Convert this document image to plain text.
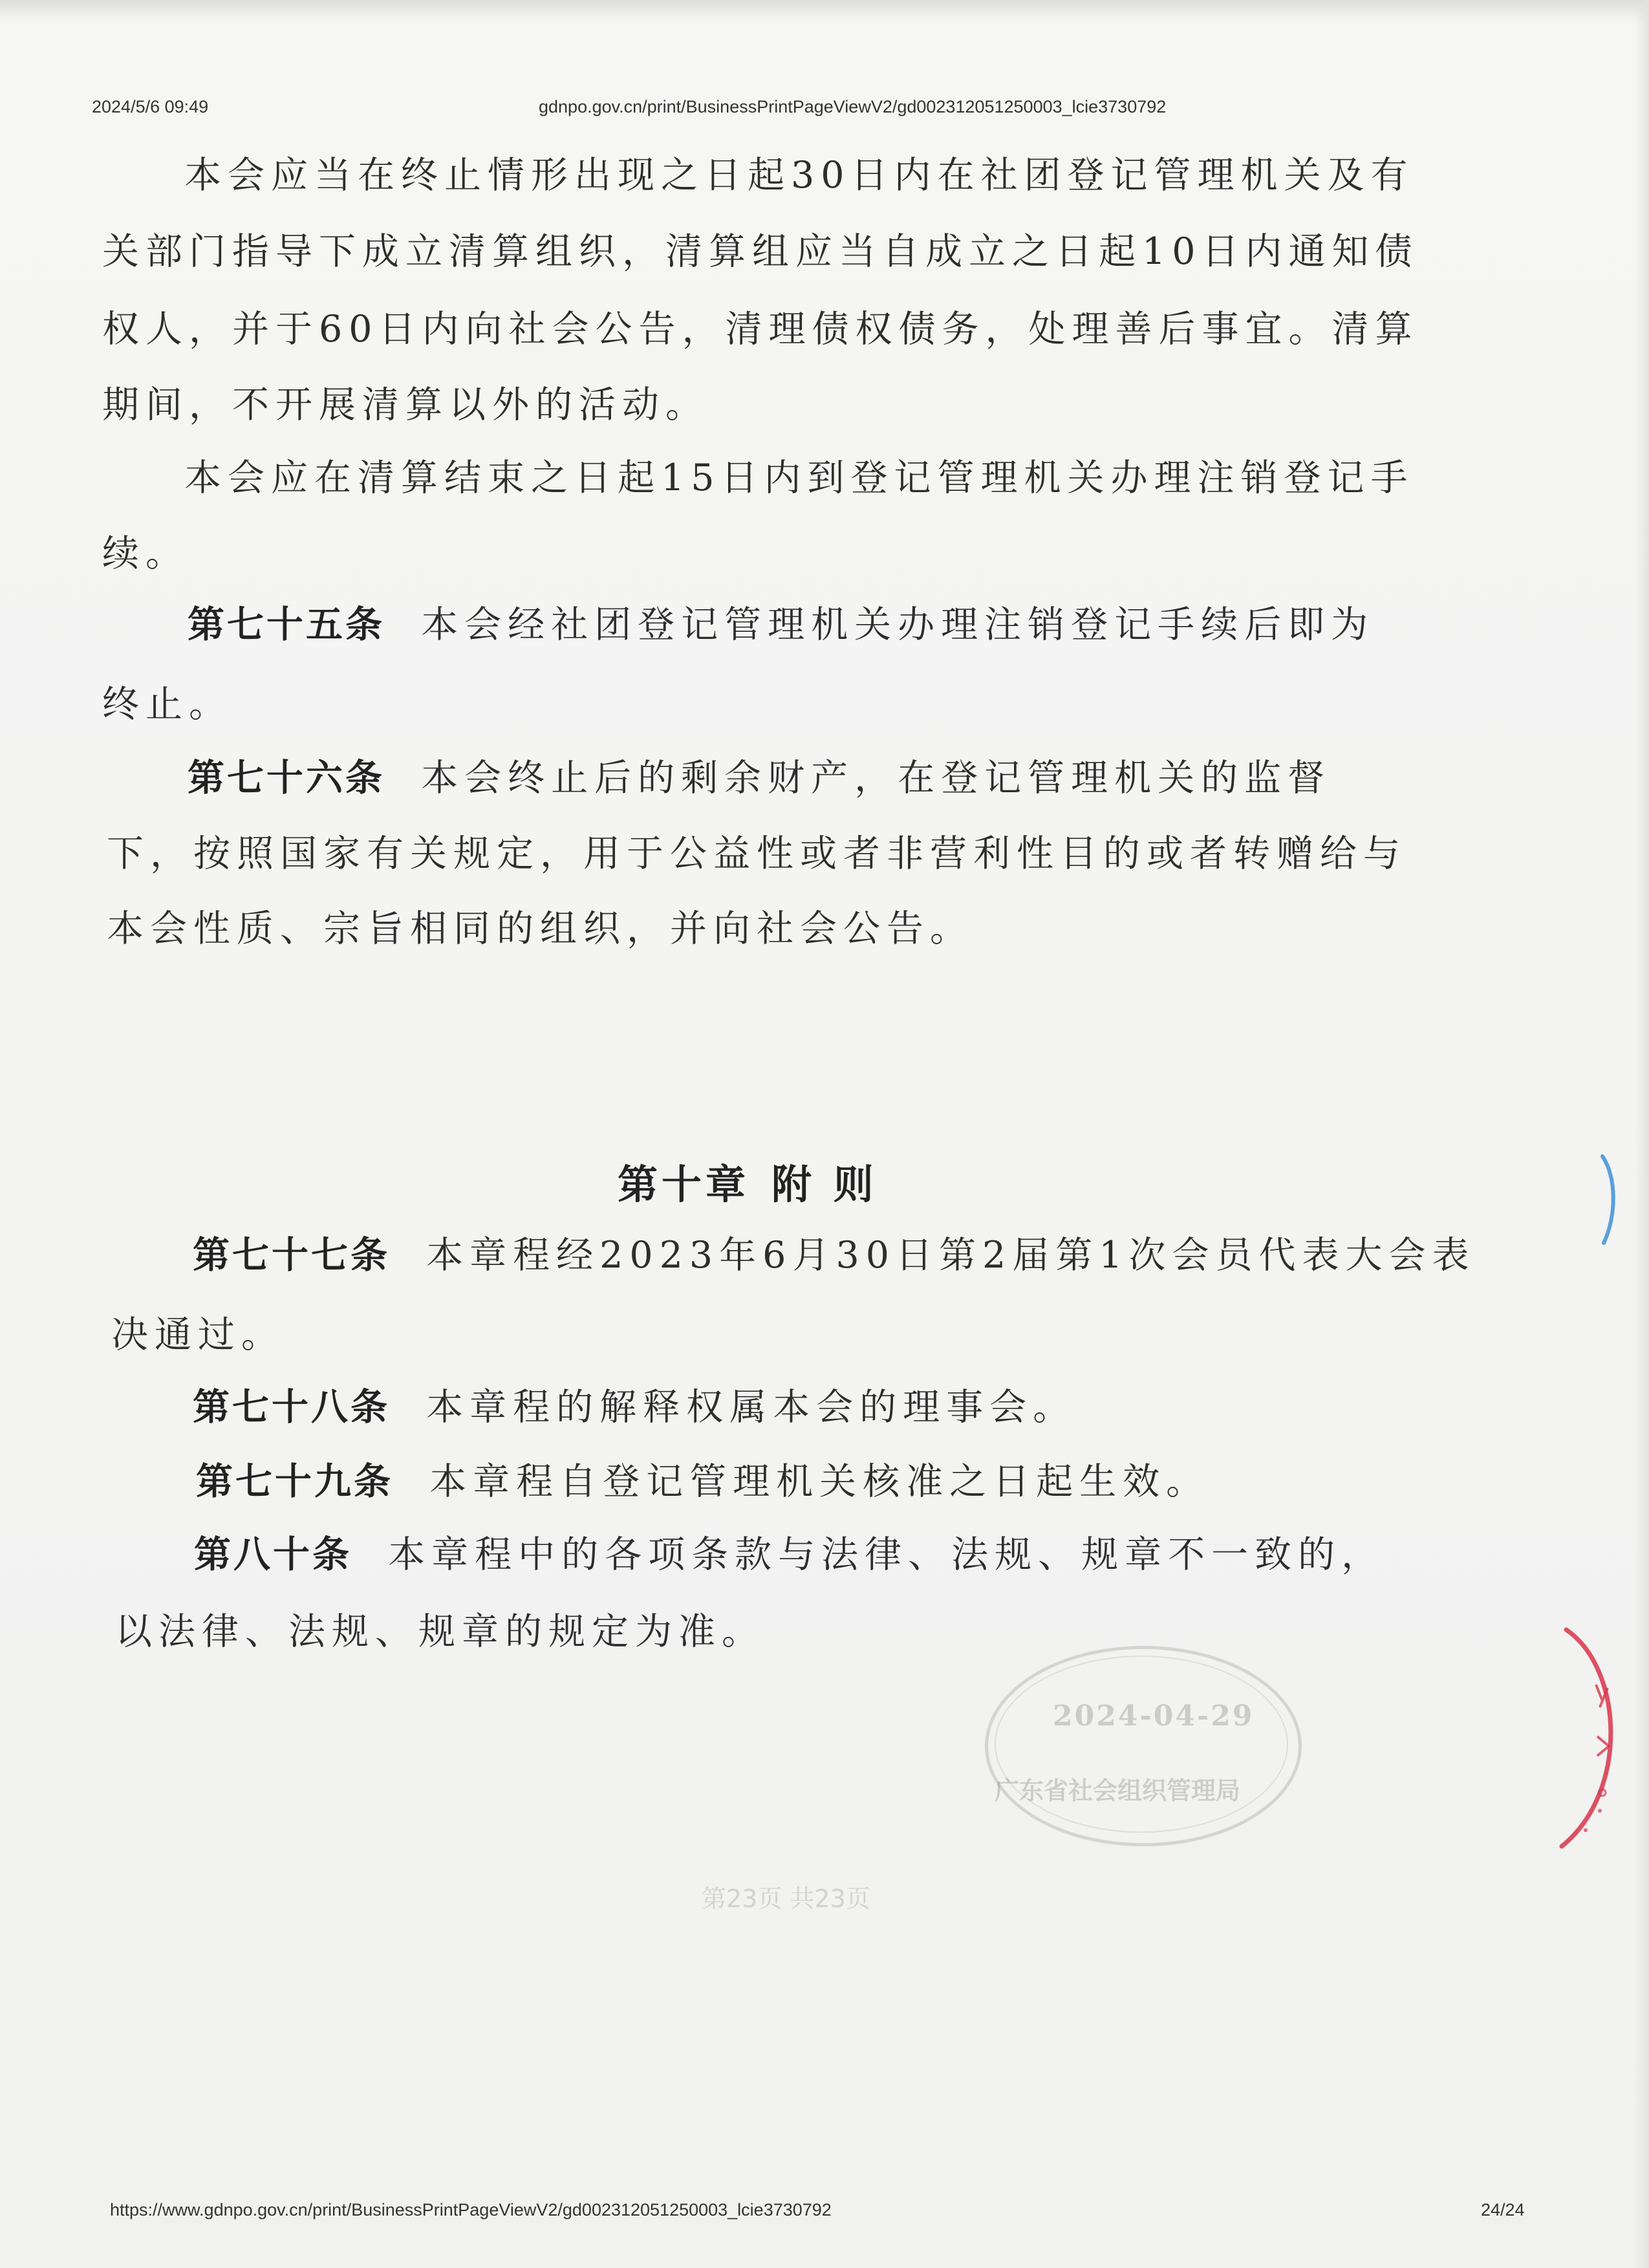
2024/5/6 09:49	gdnpo.gov.cn/print/BusinessPrintPageViewV2/gd002312051250003_lcie3730792
本会应当在终止情形出现之日起30日内在社团登记管理机关及有
关部门指导下成立清算组织，清算组应当自成立之日起10日内通知债
权人，并于60日内向社会公告，清理债权债务，处理善后事宜。清算
期间，不开展清算以外的活动。
本会应在清算结束之日起15日内到登记管理机关办理注销登记手
续。
第七十五条 本会经社团登记管理机关办理注销登记手续后即为
终止。
第七十六条 本会终止后的剩余财产，在登记管理机关的监督
下，按照国家有关规定，用于公益性或者非营利性目的或者转赠给与
本会性质、宗旨相同的组织，并向社会公告。
第七十七条 本章程经2023年6月30日第2届第1次会员代表大会表
决通过。
第七十八条 本章程的解释权属本会的理事会。
第七十九条 本章程自登记管理机关核准之日起生效。
第八十条 本章程中的各项条款与法律、法规、规章不一致的，
以法律、法规、规章的规定为准。
第十章 附 则
2024-04-29
广东省社会组织管理局
第23页 共23页
https://www.gdnpo.gov.cn/print/BusinessPrintPageViewV2/gd002312051250003_lcie3730792	24/24
